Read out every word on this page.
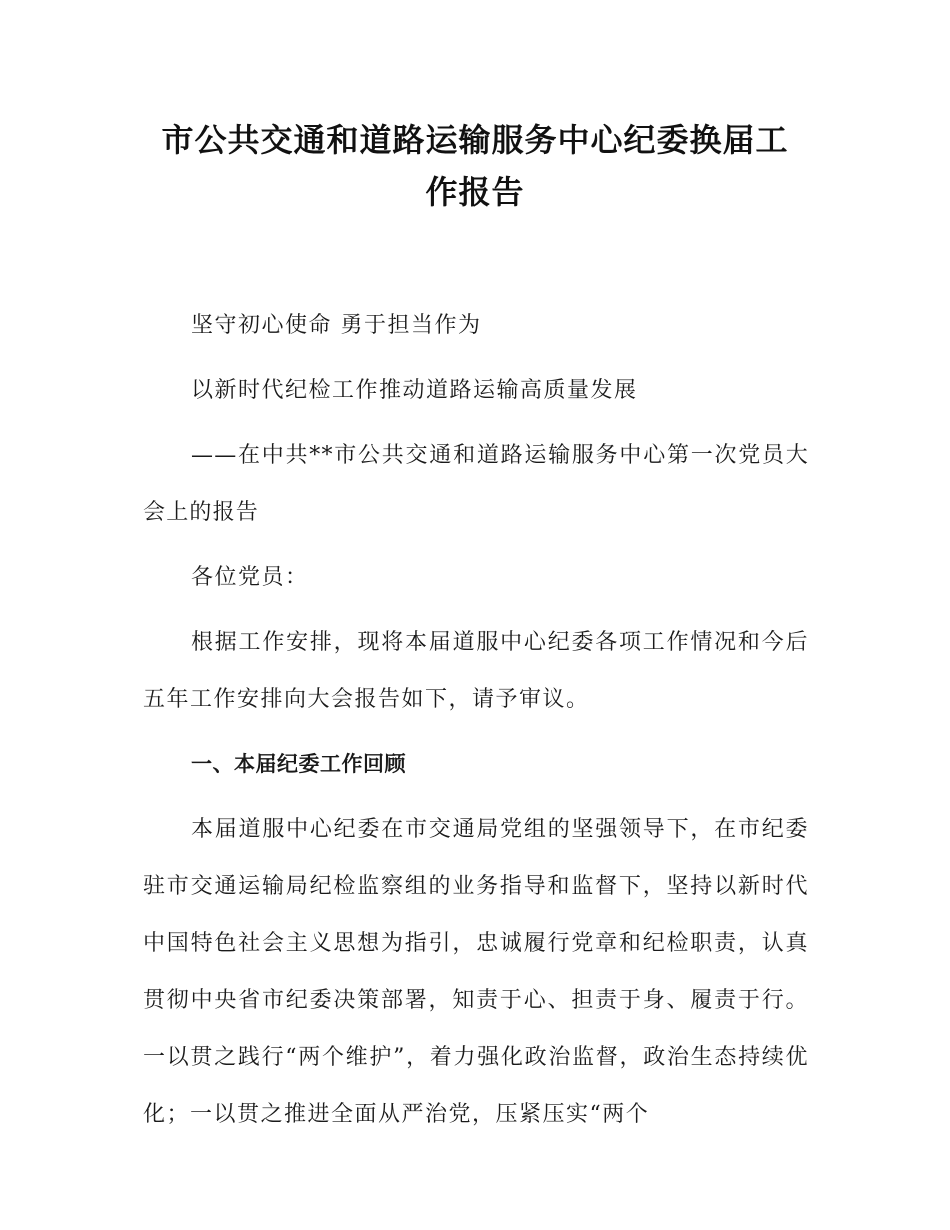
市公共交通和道路运输服务中心纪委换届工
作报告

坚守初心使命 勇于担当作为

以新时代纪检工作推动道路运输高质量发展

——在中共**市公共交通和道路运输服务中心第一次党员大会上的报告

各位党员：

根据工作安排，现将本届道服中心纪委各项工作情况和今后五年工作安排向大会报告如下，请予审议。

一、本届纪委工作回顾

本届道服中心纪委在市交通局党组的坚强领导下，在市纪委驻市交通运输局纪检监察组的业务指导和监督下，坚持以新时代中国特色社会主义思想为指引，忠诚履行党章和纪检职责，认真贯彻中央省市纪委决策部署，知责于心、担责于身、履责于行。一以贯之践行“两个维护”，着力强化政治监督，政治生态持续优化；一以贯之推进全面从严治党，压紧压实“两个
